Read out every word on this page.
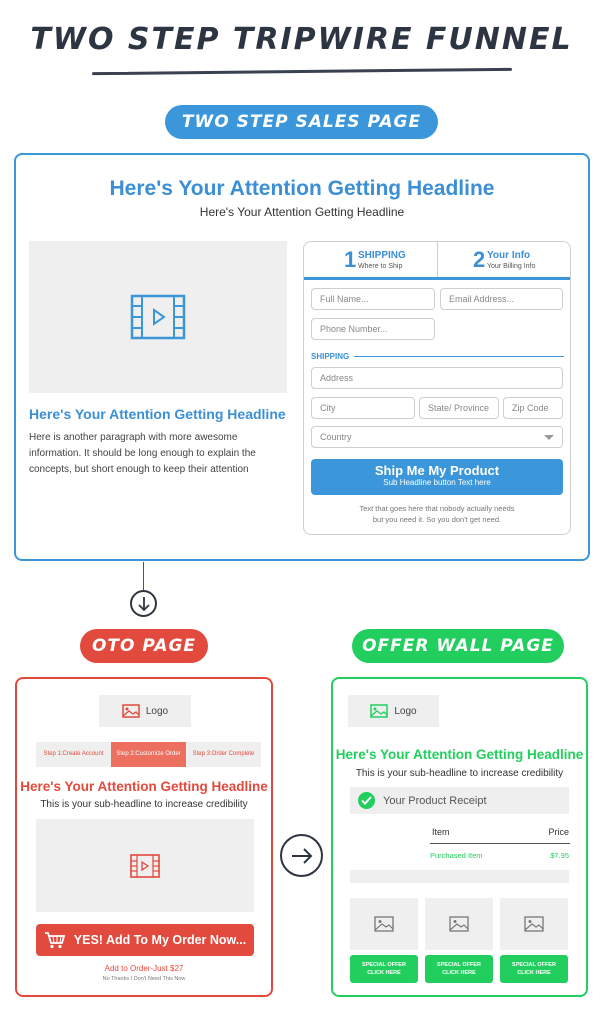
TWO STEP TRIPWIRE FUNNEL
TWO STEP SALES PAGE
Here's Your Attention Getting Headline
Here's Your Attention Getting Headline
Here's Your Attention Getting Headline
Here is another paragraph with more awesome information. It should be long enough to explain the concepts, but short enough to keep their attention
1 SHIPPING
Where to Ship	2 Your Info
Your Billing Info
Full Name...	Email Address...
Phone Number...
SHIPPING
Address
City	State/ Province	Zip Code
Country
Ship Me My Product
Sub Headline button Text here
Text that goes here that nobody actually needs
but you need it. So you don't get need.
OTO PAGE	OFFER WALL PAGE
Logo
Step 1:Create Account	Step 2:Customize Order	Step 3:Order Complete
Here's Your Attention Getting Headline
This is your sub-headline to increase credibility
YES! Add To My Order Now...
Add to Order-Just $27
No Thanks I Don't Need This Now
Logo
Here's Your Attention Getting Headline
This is your sub-headline to increase credibility
Your Product Receipt
Item	Price
Purchased Item	$7.95
SPECIAL OFFER
CLICK HERE
SPECIAL OFFER
CLICK HERE
SPECIAL OFFER
CLICK HERE
